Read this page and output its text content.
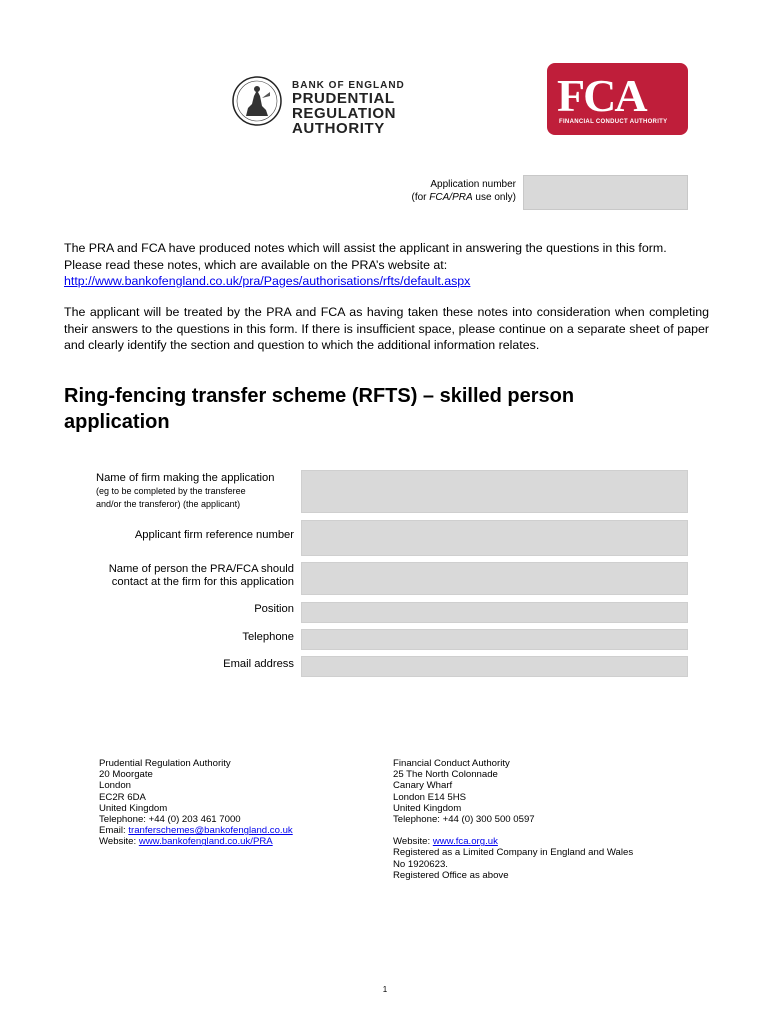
BANK OF ENGLAND
PRUDENTIAL REGULATION
AUTHORITY
FCA
FINANCIAL CONDUCT AUTHORITY
Application number
(for FCA/PRA use only)
The PRA and FCA have produced notes which will assist the applicant in answering the questions in this form.
Please read these notes, which are available on the PRA’s website at:
http://www.bankofengland.co.uk/pra/Pages/authorisations/rfts/default.aspx
The applicant will be treated by the PRA and FCA as having taken these notes into consideration when completing their answers to the questions in this form. If there is insufficient space, please continue on a separate sheet of paper and clearly identify the section and question to which the additional information relates.
Ring-fencing transfer scheme (RFTS) – skilled person
application
Name of firm making the application
(eg to be completed by the transferee
and/or the transferor) (the applicant)
Applicant firm reference number
Name of person the PRA/FCA should
contact at the firm for this application
Position
Telephone
Email address
Prudential Regulation Authority
20 Moorgate
London
EC2R 6DA
United Kingdom
Telephone: +44 (0) 203 461 7000
Email: tranferschemes@bankofengland.co.uk
Website: www.bankofengland.co.uk/PRA
Financial Conduct Authority
25 The North Colonnade
Canary Wharf
London E14 5HS
United Kingdom
Telephone: +44 (0) 300 500 0597
Website: www.fca.org.uk
Registered as a Limited Company in England and Wales
No 1920623.
Registered Office as above
1
